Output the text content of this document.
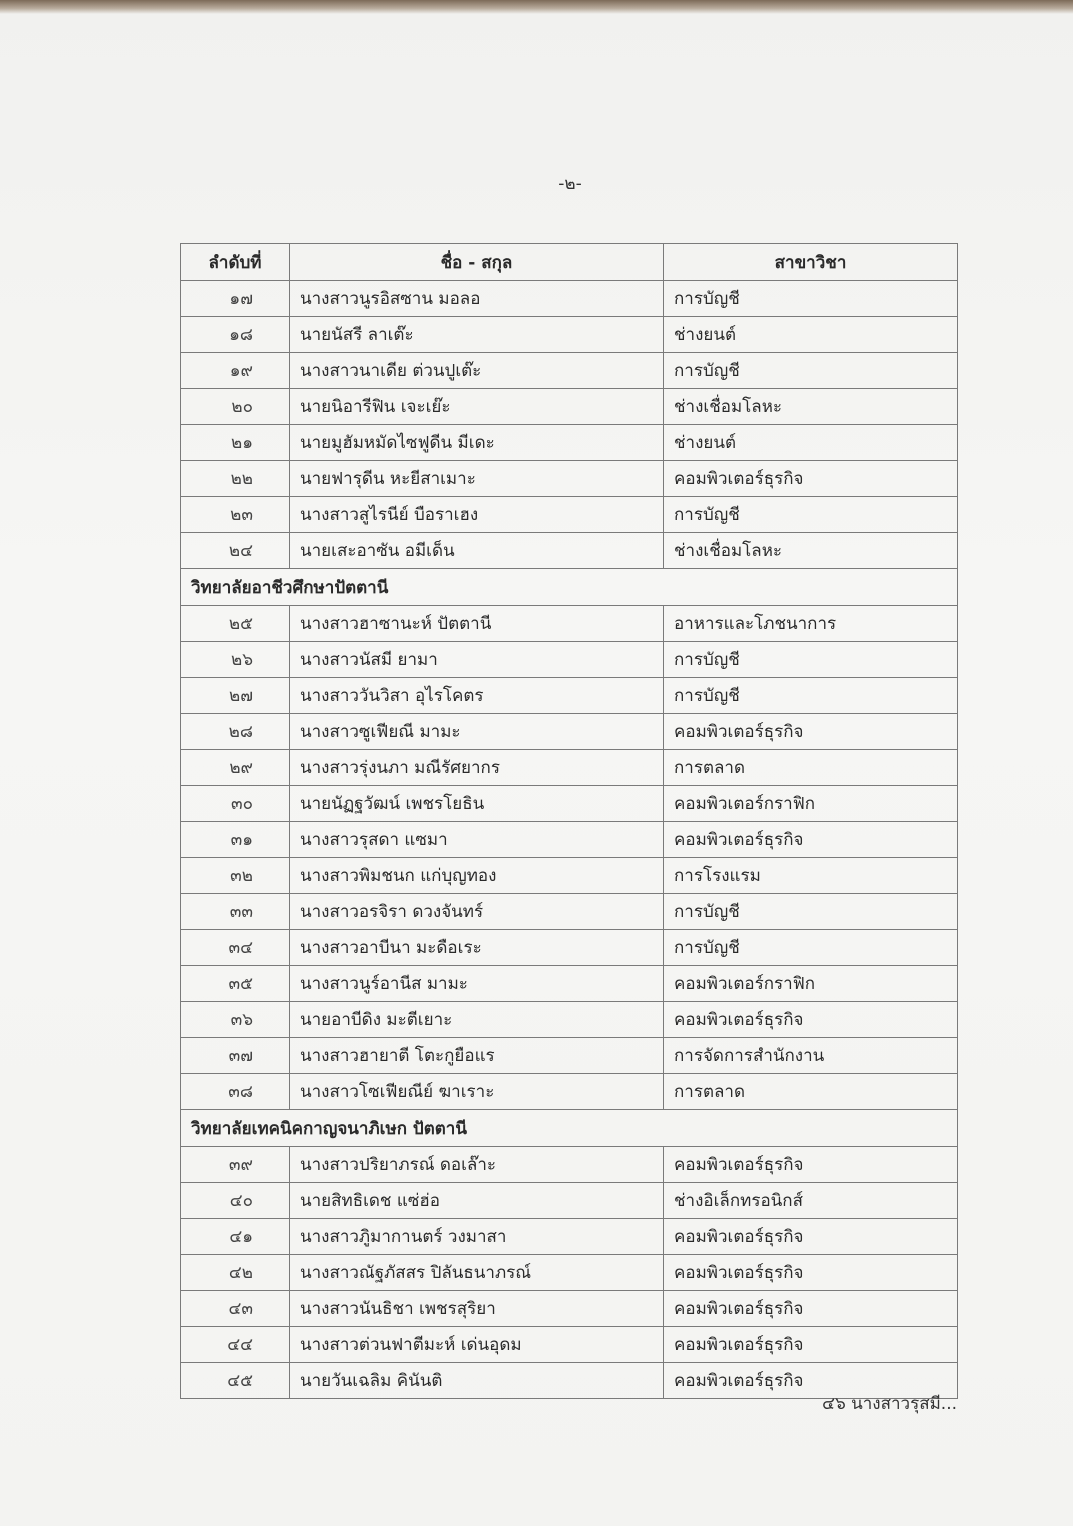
-๒-
ลำดับที่	ชื่อ - สกุล	สาขาวิชา
๑๗	นางสาวนูรอิสซาน มอลอ	การบัญชี
๑๘	นายนัสรี ลาเต๊ะ	ช่างยนต์
๑๙	นางสาวนาเดีย ต่วนปูเต๊ะ	การบัญชี
๒๐	นายนิอารีฟิน เจะเย๊ะ	ช่างเชื่อมโลหะ
๒๑	นายมูฮัมหมัดไซฟูดีน มีเดะ	ช่างยนต์
๒๒	นายฟารุดีน หะยีสาเมาะ	คอมพิวเตอร์ธุรกิจ
๒๓	นางสาวสูไรนีย์ บือราเฮง	การบัญชี
๒๔	นายเสะอาซัน อมีเด็น	ช่างเชื่อมโลหะ
วิทยาลัยอาชีวศึกษาปัตตานี		
๒๕	นางสาวฮาซานะห์ ปัตตานี	อาหารและโภชนาการ
๒๖	นางสาวนัสมี ยามา	การบัญชี
๒๗	นางสาววันวิสา อุไรโคตร	การบัญชี
๒๘	นางสาวซูเฟียณี มามะ	คอมพิวเตอร์ธุรกิจ
๒๙	นางสาวรุ่งนภา มณีรัศยากร	การตลาด
๓๐	นายนัฏฐวัฒน์ เพชรโยธิน	คอมพิวเตอร์กราฟิก
๓๑	นางสาวรุสดา แซมา	คอมพิวเตอร์ธุรกิจ
๓๒	นางสาวพิมชนก แก่บุญทอง	การโรงแรม
๓๓	นางสาวอรจิรา ดวงจันทร์	การบัญชี
๓๔	นางสาวอาบีนา มะดือเระ	การบัญชี
๓๕	นางสาวนูร์อานีส มามะ	คอมพิวเตอร์กราฟิก
๓๖	นายอาบีดิง มะตีเยาะ	คอมพิวเตอร์ธุรกิจ
๓๗	นางสาวฮายาตี โตะกูยือแร	การจัดการสำนักงาน
๓๘	นางสาวโซเฟียณีย์ ฆาเราะ	การตลาด
วิทยาลัยเทคนิคกาญจนาภิเษก ปัตตานี		
๓๙	นางสาวปริยาภรณ์ ดอเล๊าะ	คอมพิวเตอร์ธุรกิจ
๔๐	นายสิทธิเดช แซ่ฮ่อ	ช่างอิเล็กทรอนิกส์
๔๑	นางสาวภูิมากานตร์ วงมาสา	คอมพิวเตอร์ธุรกิจ
๔๒	นางสาวณัฐภัสสร ปิลันธนาภรณ์	คอมพิวเตอร์ธุรกิจ
๔๓	นางสาวนันธิชา เพชรสุริยา	คอมพิวเตอร์ธุรกิจ
๔๔	นางสาวต่วนฟาตีมะห์ เด่นอุดม	คอมพิวเตอร์ธุรกิจ
๔๕	นายวันเฉลิม คินันติ	คอมพิวเตอร์ธุรกิจ
๔๖ นางสาวรุสมี...
